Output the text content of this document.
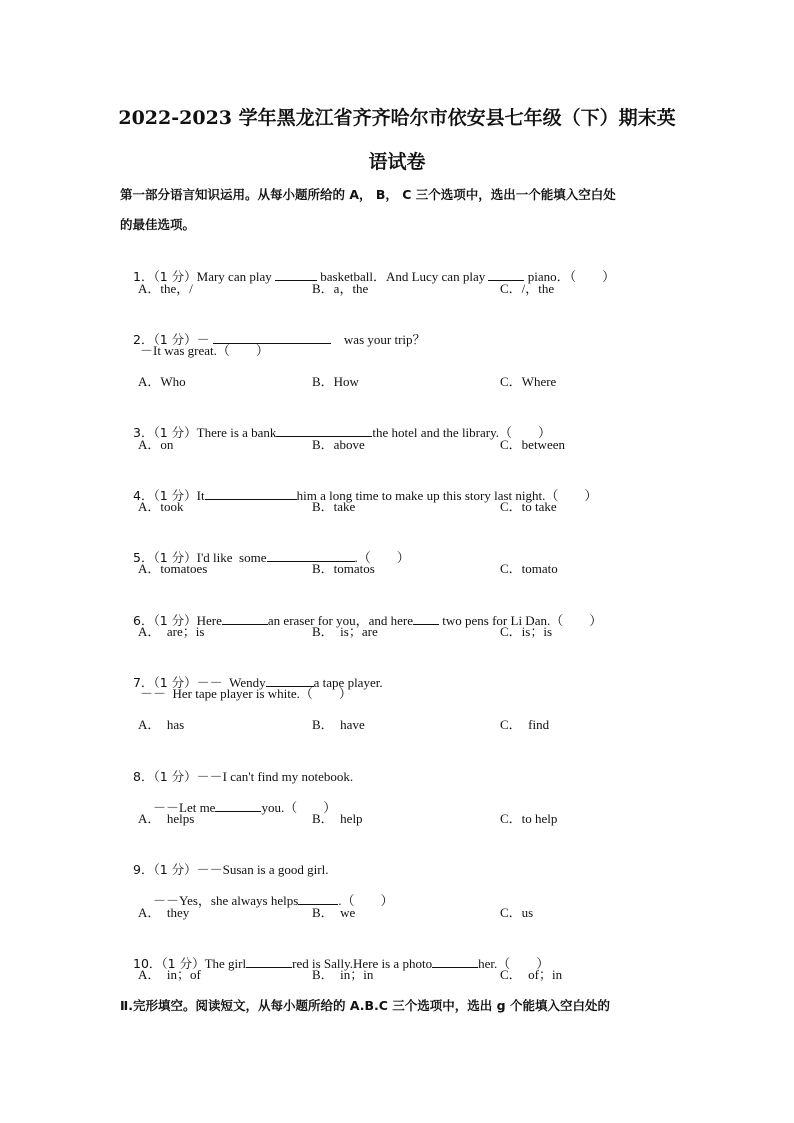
2022-2023 学年黑龙江省齐齐哈尔市依安县七年级（下）期末英
语试卷
第一部分语言知识运用。从每小题所给的 A， B， C 三个选项中，选出一个能填入空白处
的最佳选项。

1．（1 分）Mary can play	basketball．And Lucy can play	piano．（　　）

A．the，/	B．a，the	C．/，the

2．（1 分）－	　was your trip？

－It was great.（　　）
A．Who	B．How	C．Where

3．（1 分）There is a bank	the hotel and the library.（　　）

A．on	B．above	C．between

4．（1 分）It	him a long time to make up this story last night.（　　）

A．took	B．take	C．to take

5．（1 分）I'd like  some	.（　　）

A．tomatoes	B．tomatos	C．tomato

6．（1 分）Here	an eraser for you，and here two pens for Li Dan.（　　）

A．　are；is	B．　is；are	C．is；is

7．（1 分）－－  Wendy	a tape player.

－－  Her tape player is white.（　　）
A．　has	B．　have	C．　find

8．（1 分）－－I can't find my notebook.

－－Let me	you.（　　）

A．　helps	B．　help	C．to help

9．（1 分）－－Susan is a good girl.

－－Yes，she always helps	.（　　）

A．　they	B．　we	C．us

10．（1 分）The girl	red is Sally.Here is a photo	her.（　　）

A．　in；of	B．　in；in	C．　of；in
Ⅱ.完形填空。阅读短文，从每小题所给的 A.B.C 三个选项中，选出 g 个能填入空白处的
